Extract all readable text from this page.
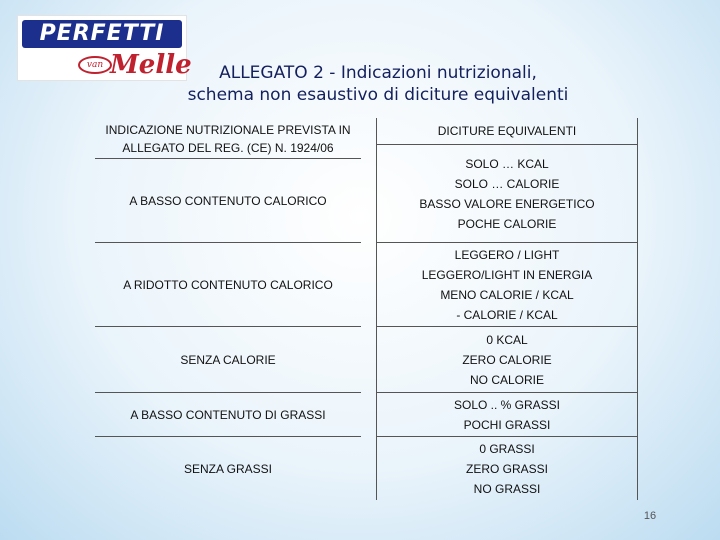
PERFETTI
van Melle	ALLEGATO 2 - Indicazioni nutrizionali,
schema non esaustivo di diciture equivalenti
INDICAZIONE NUTRIZIONALE PREVISTA IN ALLEGATO DEL REG. (CE) N. 1924/06
DICITURE EQUIVALENTI
A BASSO CONTENUTO CALORICO
SOLO … KCAL
SOLO … CALORIE
BASSO VALORE ENERGETICO
POCHE CALORIE
A RIDOTTO CONTENUTO CALORICO
LEGGERO / LIGHT
LEGGERO/LIGHT IN ENERGIA
MENO CALORIE / KCAL
- CALORIE / KCAL
SENZA CALORIE
0 KCAL
ZERO CALORIE
NO CALORIE
A BASSO CONTENUTO DI GRASSI
SOLO .. % GRASSI
POCHI GRASSI
SENZA GRASSI
0 GRASSI
ZERO GRASSI
NO GRASSI
16
